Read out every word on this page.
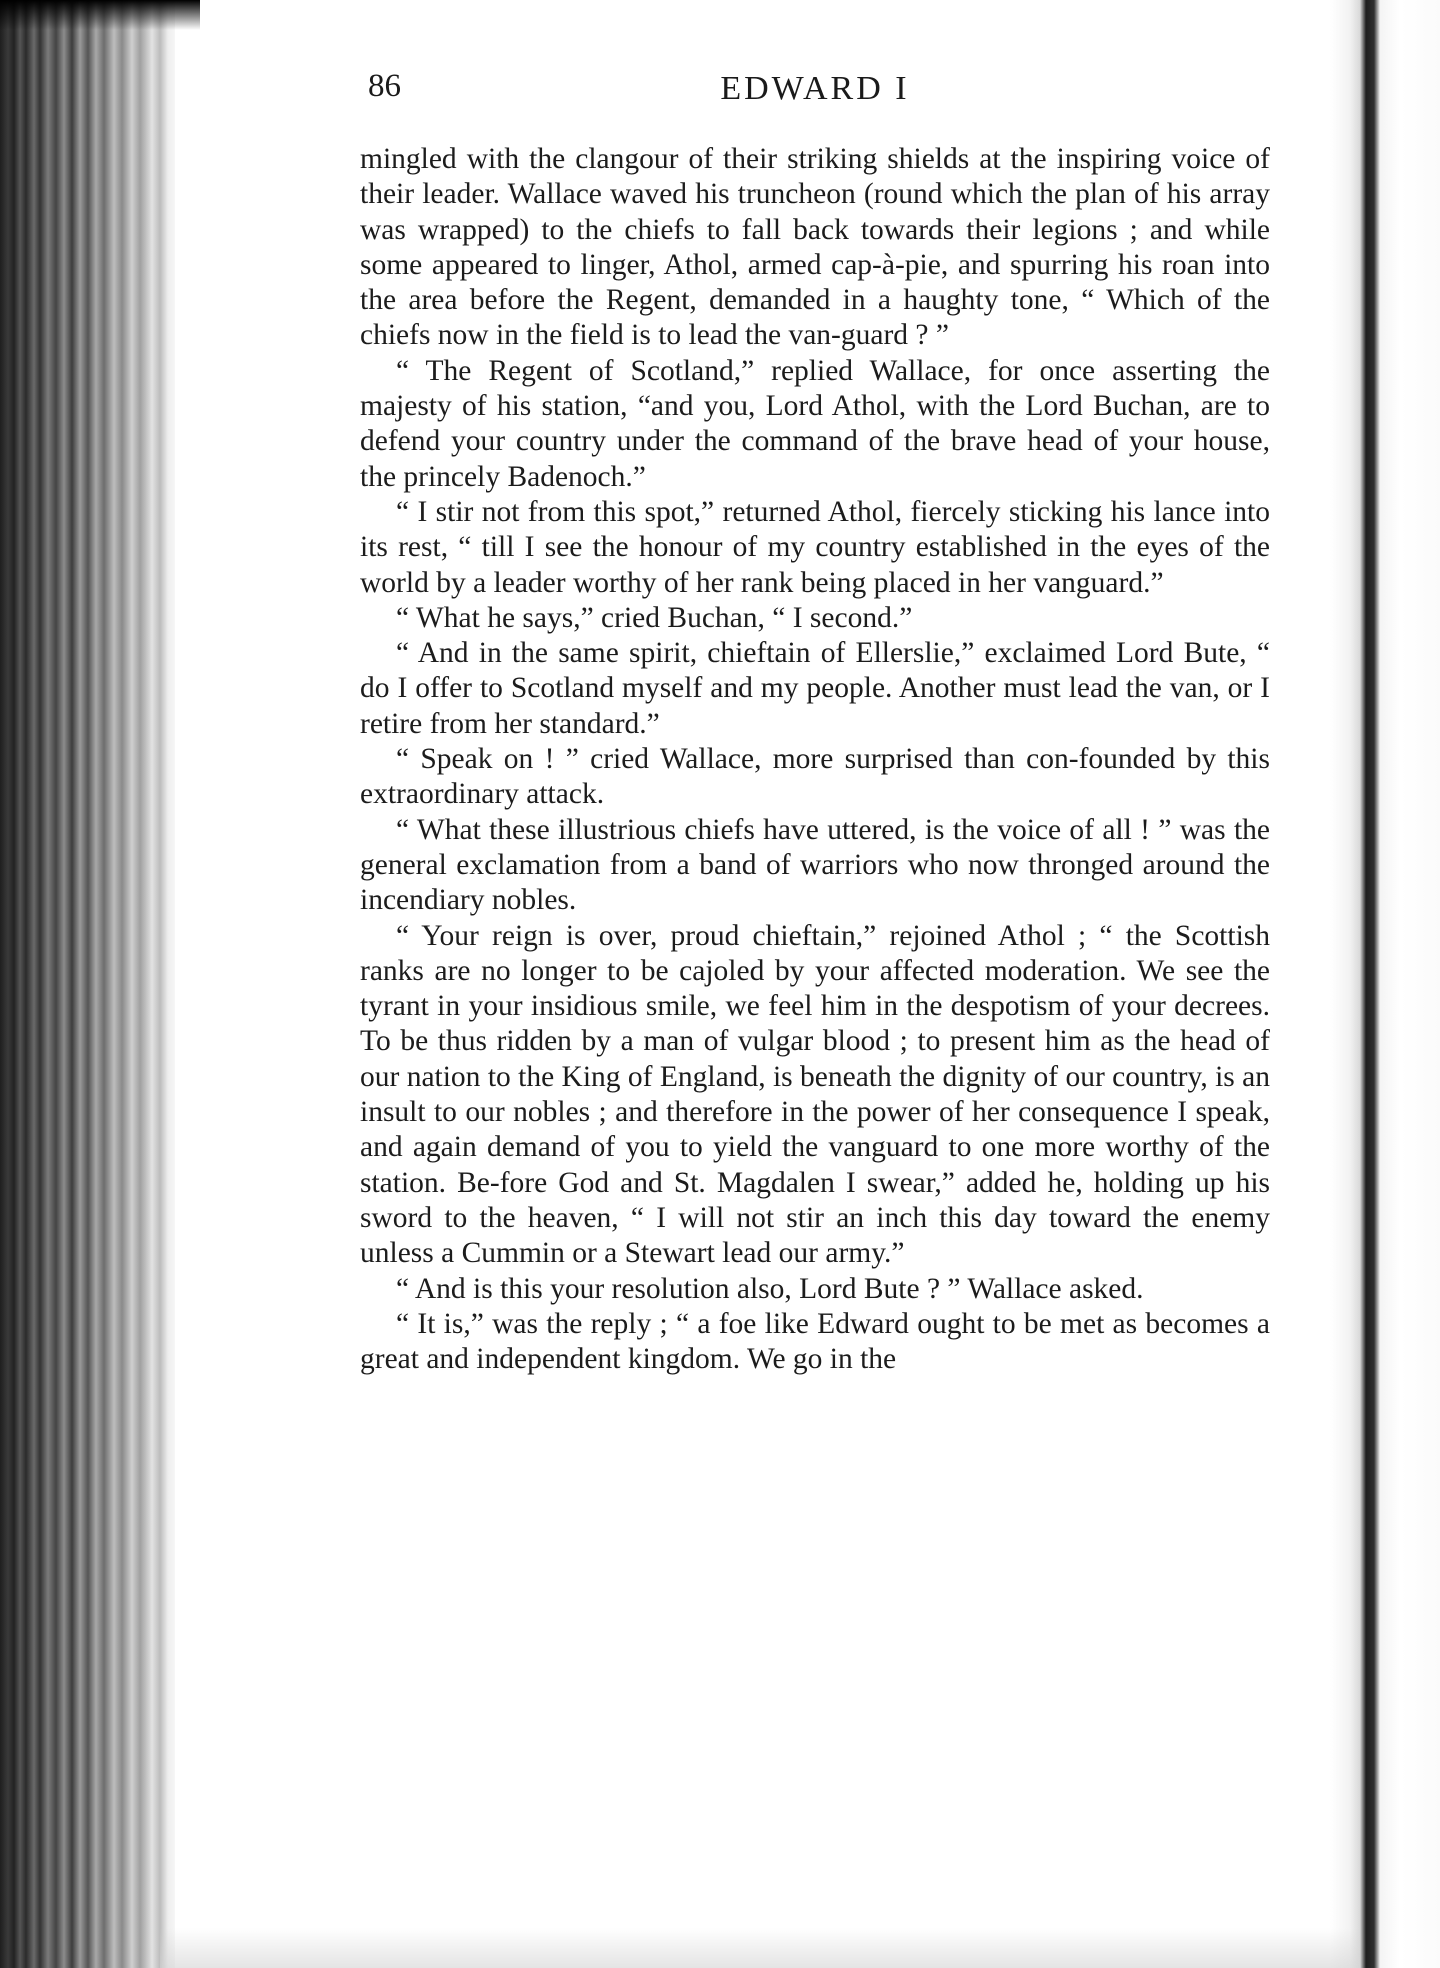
86	EDWARD I

mingled with the clangour of their striking shields at the inspiring voice of their leader. Wallace waved his truncheon (round which the plan of his array was wrapped) to the chiefs to fall back towards their legions ; and while some appeared to linger, Athol, armed cap-à-pie, and spurring his roan into the area before the Regent, demanded in a haughty tone, “ Which of the chiefs now in the field is to lead the van-guard ? ”

“ The Regent of Scotland,” replied Wallace, for once asserting the majesty of his station, “and you, Lord Athol, with the Lord Buchan, are to defend your country under the command of the brave head of your house, the princely Badenoch.”

“ I stir not from this spot,” returned Athol, fiercely sticking his lance into its rest, “ till I see the honour of my country established in the eyes of the world by a leader worthy of her rank being placed in her vanguard.”

“ What he says,” cried Buchan, “ I second.”

“ And in the same spirit, chieftain of Ellerslie,” exclaimed Lord Bute, “ do I offer to Scotland myself and my people. Another must lead the van, or I retire from her standard.”

“ Speak on ! ” cried Wallace, more surprised than con-founded by this extraordinary attack.

“ What these illustrious chiefs have uttered, is the voice of all ! ” was the general exclamation from a band of warriors who now thronged around the incendiary nobles.

“ Your reign is over, proud chieftain,” rejoined Athol ; “ the Scottish ranks are no longer to be cajoled by your affected moderation. We see the tyrant in your insidious smile, we feel him in the despotism of your decrees. To be thus ridden by a man of vulgar blood ; to present him as the head of our nation to the King of England, is beneath the dignity of our country, is an insult to our nobles ; and therefore in the power of her consequence I speak, and again demand of you to yield the vanguard to one more worthy of the station. Be-fore God and St. Magdalen I swear,” added he, holding up his sword to the heaven, “ I will not stir an inch this day toward the enemy unless a Cummin or a Stewart lead our army.”

“ And is this your resolution also, Lord Bute ? ” Wallace asked.

“ It is,” was the reply ; “ a foe like Edward ought to be met as becomes a great and independent kingdom. We go in the
